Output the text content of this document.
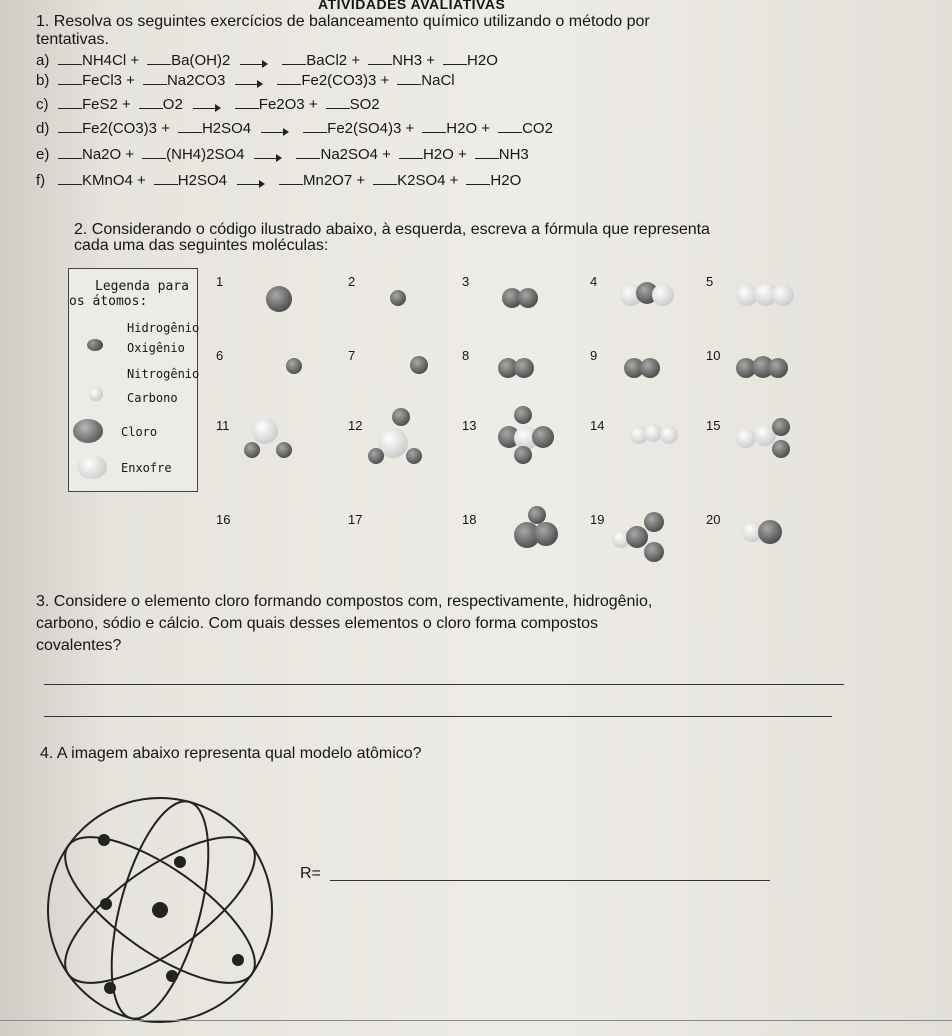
ATIVIDADES AVALIATIVAS
1. Resolva os seguintes exercícios de balanceamento químico utilizando o método por
tentativas.
a) NH4Cl + Ba(OH)2	BaCl2 + NH3 + H2O
b) FeCl3 + Na2CO3	Fe2(CO3)3 + NaCl
c) FeS2 + O2	Fe2O3 + SO2
d) Fe2(CO3)3 + H2SO4	Fe2(SO4)3 + H2O + CO2
e) Na2O + (NH4)2SO4	Na2SO4 + H2O + NH3
f) KMnO4 + H2SO4	Mn2O7 + K2SO4 + H2O
2. Considerando o código ilustrado abaixo, à esquerda, escreva a fórmula que representa
cada uma das seguintes moléculas:
Legenda para
os átomos:
Hidrogênio
Oxigênio
Nitrogênio
Carbono
Cloro
Enxofre
1	2	3	4	5
6	7	8	9	10
11	12	13	14	15
16	17	18	19	20
3. Considere o elemento cloro formando compostos com, respectivamente, hidrogênio,
carbono, sódio e cálcio. Com quais desses elementos o cloro forma compostos
covalentes?
4. A imagem abaixo representa qual modelo atômico?
R=
